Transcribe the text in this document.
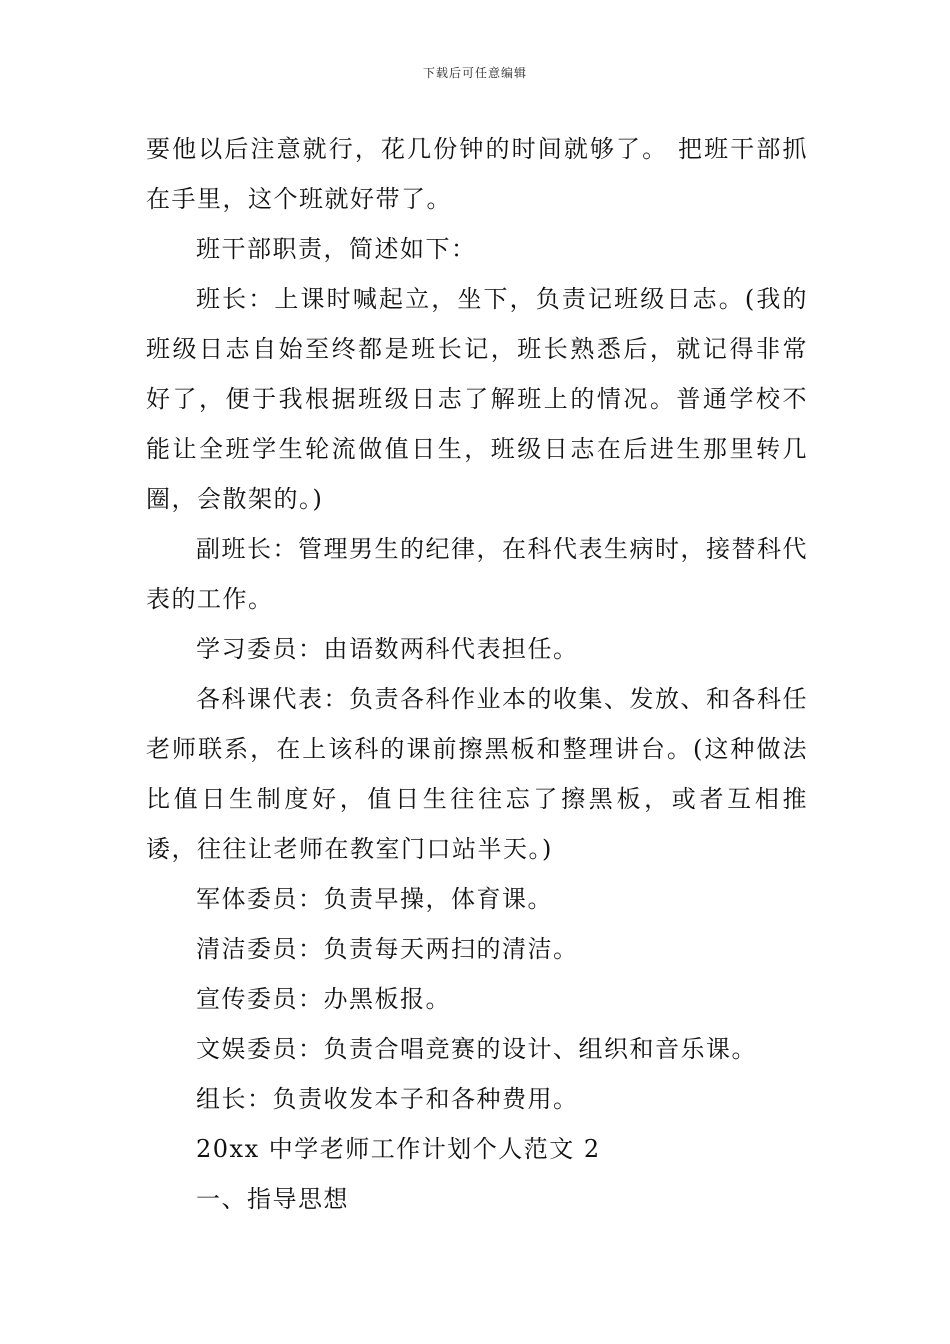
下载后可任意编辑

要他以后注意就行，花几份钟的时间就够了。 把班干部抓在手里，这个班就好带了。

班干部职责，简述如下：

班长：上课时喊起立，坐下，负责记班级日志。(我的班级日志自始至终都是班长记，班长熟悉后，就记得非常好了，便于我根据班级日志了解班上的情况。普通学校不能让全班学生轮流做值日生，班级日志在后进生那里转几圈，会散架的。)

副班长：管理男生的纪律，在科代表生病时，接替科代表的工作。

学习委员：由语数两科代表担任。

各科课代表：负责各科作业本的收集、发放、和各科任老师联系，在上该科的课前擦黑板和整理讲台。(这种做法比值日生制度好，值日生往往忘了擦黑板，或者互相推诿，往往让老师在教室门口站半天。)

军体委员：负责早操，体育课。

清洁委员：负责每天两扫的清洁。

宣传委员：办黑板报。

文娱委员：负责合唱竞赛的设计、组织和音乐课。

组长：负责收发本子和各种费用。

20xx 中学老师工作计划个人范文 2

一、指导思想
